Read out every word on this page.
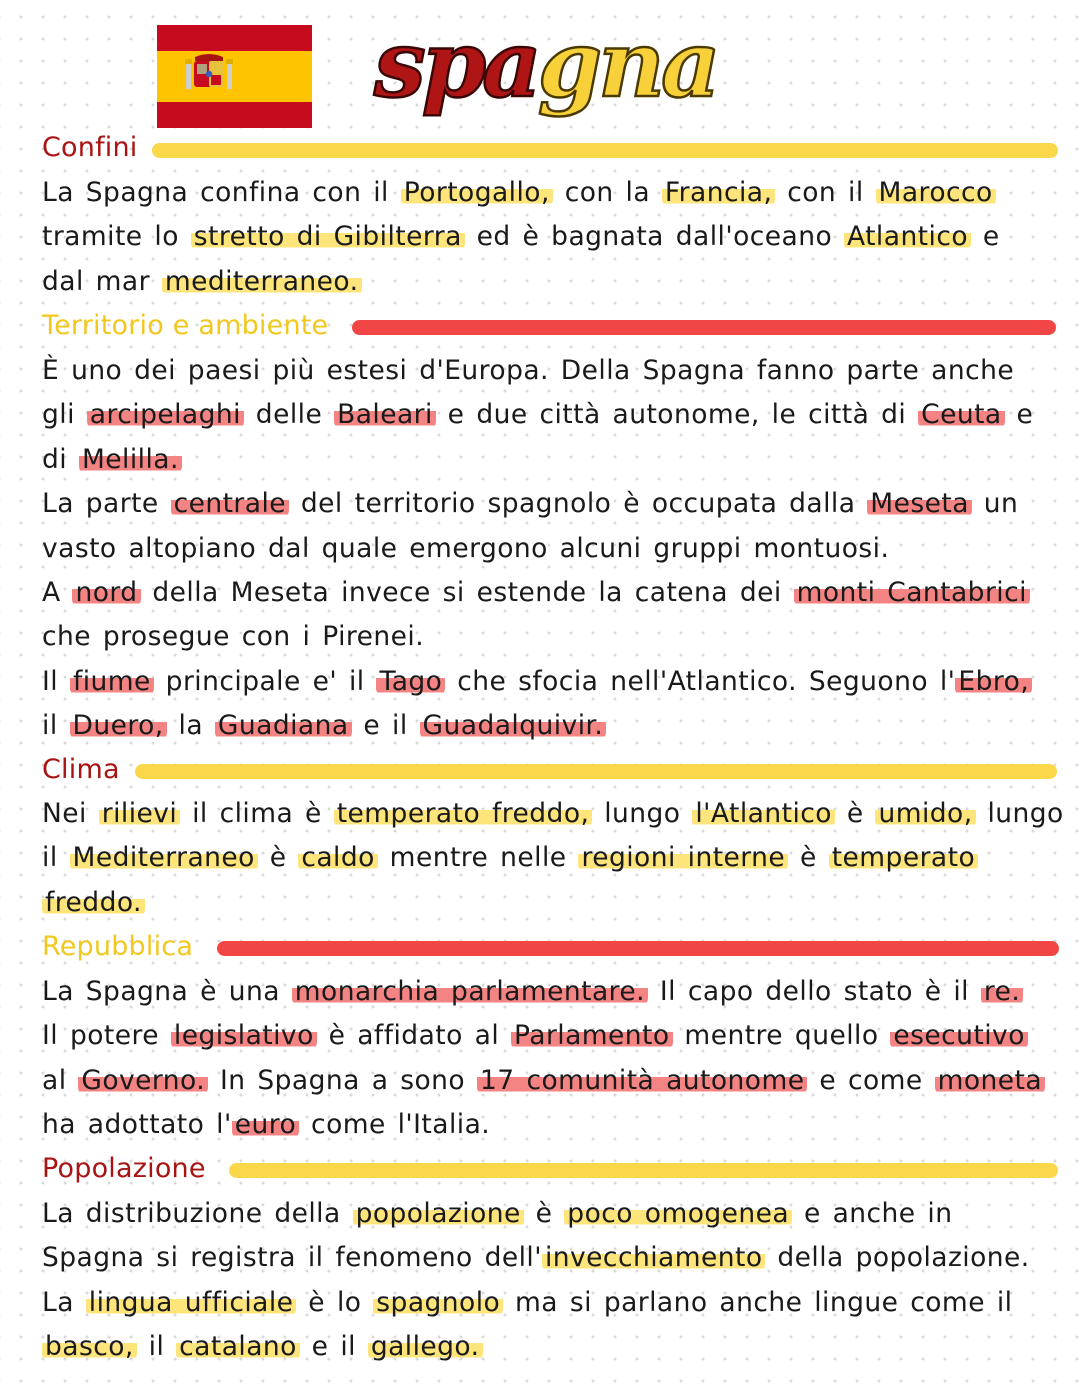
spagna
Confini
La Spagna confina con il Portogallo, con la Francia, con il Marocco
tramite lo stretto di Gibilterra ed è bagnata dall'oceano Atlantico e
dal mar mediterraneo.
Territorio e ambiente
È uno dei paesi più estesi d'Europa. Della Spagna fanno parte anche
gli arcipelaghi delle Baleari e due città autonome, le città di Ceuta e
di Melilla.
La parte centrale del territorio spagnolo è occupata dalla Meseta un
vasto altopiano dal quale emergono alcuni gruppi montuosi.
A nord della Meseta invece si estende la catena dei monti Cantabrici
che prosegue con i Pirenei.
Il fiume principale e' il Tago che sfocia nell'Atlantico. Seguono l' Ebro,
il Duero, la Guadiana e il Guadalquivir.
Clima
Nei rilievi il clima è temperato freddo, lungo l'Atlantico è umido, lungo
il Mediterraneo è caldo mentre nelle regioni interne è temperato
freddo.
Repubblica
La Spagna è una monarchia parlamentare. Il capo dello stato è il re.
Il potere legislativo è affidato al Parlamento mentre quello esecutivo
al Governo. In Spagna a sono 17 comunità autonome e come moneta
ha adottato l' euro come l'Italia.
Popolazione
La distribuzione della popolazione è poco omogenea e anche in
Spagna si registra il fenomeno dell' invecchiamento della popolazione.
La lingua ufficiale è lo spagnolo ma si parlano anche lingue come il
basco, il catalano e il gallego.
